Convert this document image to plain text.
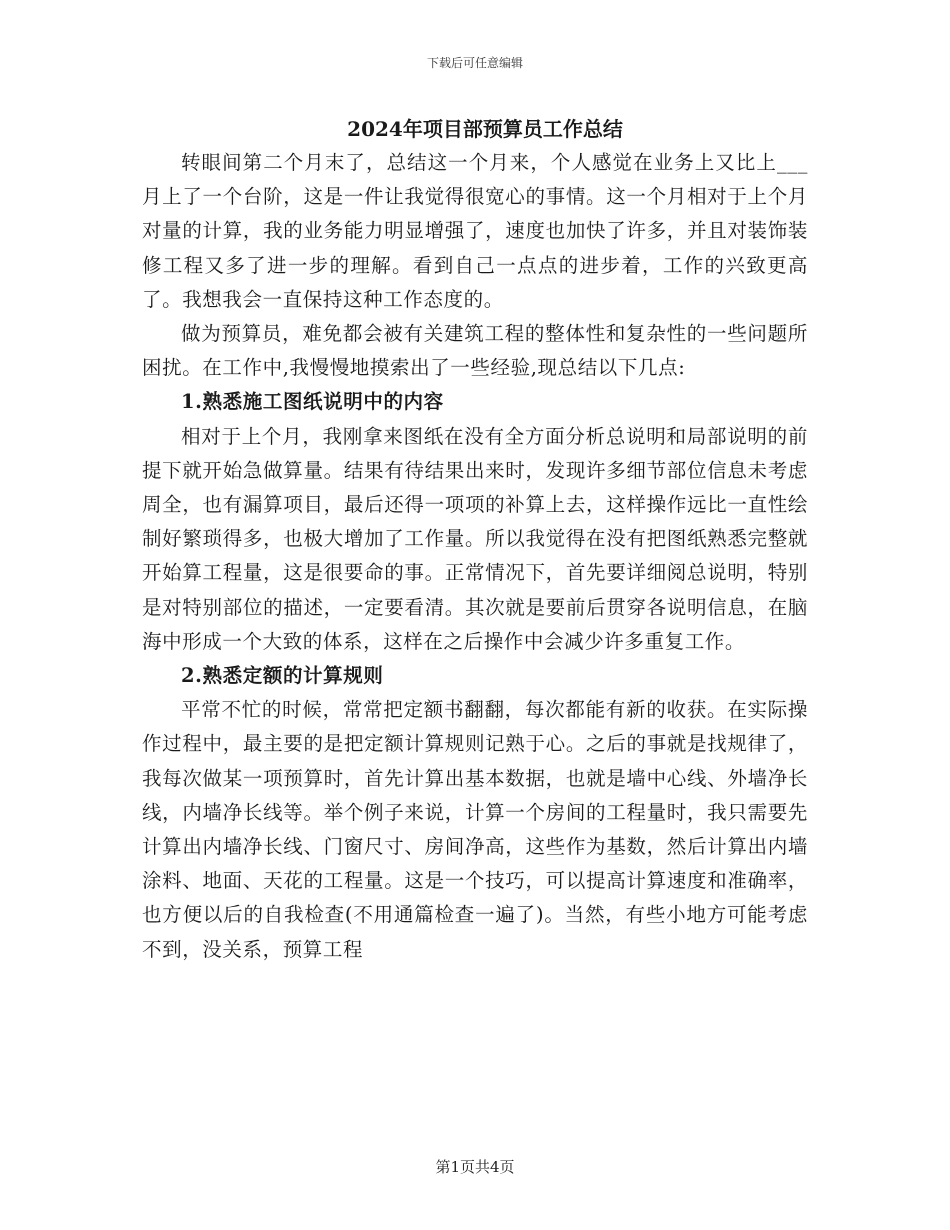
下载后可任意编辑
2024年项目部预算员工作总结

转眼间第二个月末了，总结这一个月来，个人感觉在业务上又比上___月上了一个台阶，这是一件让我觉得很宽心的事情。这一个月相对于上个月对量的计算，我的业务能力明显增强了，速度也加快了许多，并且对装饰装修工程又多了进一步的理解。看到自己一点点的进步着，工作的兴致更高了。我想我会一直保持这种工作态度的。

做为预算员，难免都会被有关建筑工程的整体性和复杂性的一些问题所困扰。在工作中,我慢慢地摸索出了一些经验,现总结以下几点:

1.熟悉施工图纸说明中的内容

相对于上个月，我刚拿来图纸在没有全方面分析总说明和局部说明的前提下就开始急做算量。结果有待结果出来时，发现许多细节部位信息未考虑周全，也有漏算项目，最后还得一项项的补算上去，这样操作远比一直性绘制好繁琐得多，也极大增加了工作量。所以我觉得在没有把图纸熟悉完整就开始算工程量，这是很要命的事。正常情况下，首先要详细阅总说明，特别是对特别部位的描述，一定要看清。其次就是要前后贯穿各说明信息，在脑海中形成一个大致的体系，这样在之后操作中会减少许多重复工作。

2.熟悉定额的计算规则

平常不忙的时候，常常把定额书翻翻，每次都能有新的收获。在实际操作过程中，最主要的是把定额计算规则记熟于心。之后的事就是找规律了，我每次做某一项预算时，首先计算出基本数据，也就是墙中心线、外墙净长线，内墙净长线等。举个例子来说，计算一个房间的工程量时，我只需要先计算出内墙净长线、门窗尺寸、房间净高，这些作为基数，然后计算出内墙涂料、地面、天花的工程量。这是一个技巧，可以提高计算速度和准确率，也方便以后的自我检查(不用通篇检查一遍了)。当然，有些小地方可能考虑不到，没关系，预算工程

第1页共4页
